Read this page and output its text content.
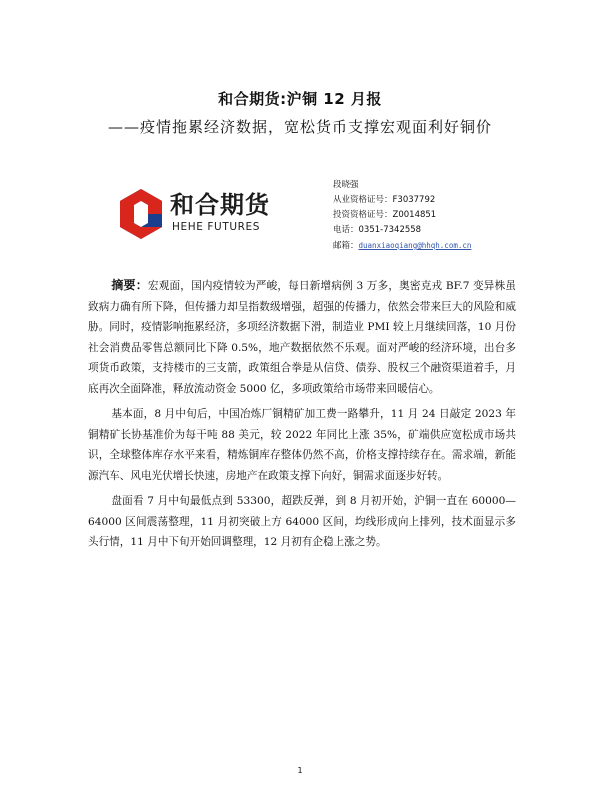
和合期货:沪铜 12 月报
——疫情拖累经济数据，宽松货币支撑宏观面利好铜价
和合期货
HEHE FUTURES
段晓强
从业资格证号：F3037792
投资资格证号：Z0014851
电话：0351-7342558
邮箱：duanxiaoqiang@hhqh.com.cn

摘要：宏观面，国内疫情较为严峻，每日新增病例 3 万多，奥密克戎 BF.7 变异株虽致病力确有所下降，但传播力却呈指数级增强，超强的传播力，依然会带来巨大的风险和威胁。同时，疫情影响拖累经济，多项经济数据下滑，制造业 PMI 较上月继续回落，10 月份社会消费品零售总额同比下降 0.5%，地产数据依然不乐观。面对严峻的经济环境，出台多项货币政策，支持楼市的三支箭，政策组合拳是从信贷、债券、股权三个融资渠道着手，月底再次全面降准，释放流动资金 5000 亿，多项政策给市场带来回暖信心。

基本面，8 月中旬后，中国冶炼厂铜精矿加工费一路攀升，11 月 24 日敲定 2023 年铜精矿长协基准价为每干吨 88 美元，较 2022 年同比上涨 35%，矿端供应宽松成市场共识，全球整体库存水平来看，精炼铜库存整体仍然不高，价格支撑持续存在。需求端，新能源汽车、风电光伏增长快速，房地产在政策支撑下向好，铜需求面逐步好转。

盘面看 7 月中旬最低点到 53300，超跌反弹，到 8 月初开始，沪铜一直在 60000—64000 区间震荡整理，11 月初突破上方 64000 区间，均线形成向上排列，技术面显示多头行情，11 月中下旬开始回调整理，12 月初有企稳上涨之势。

1
